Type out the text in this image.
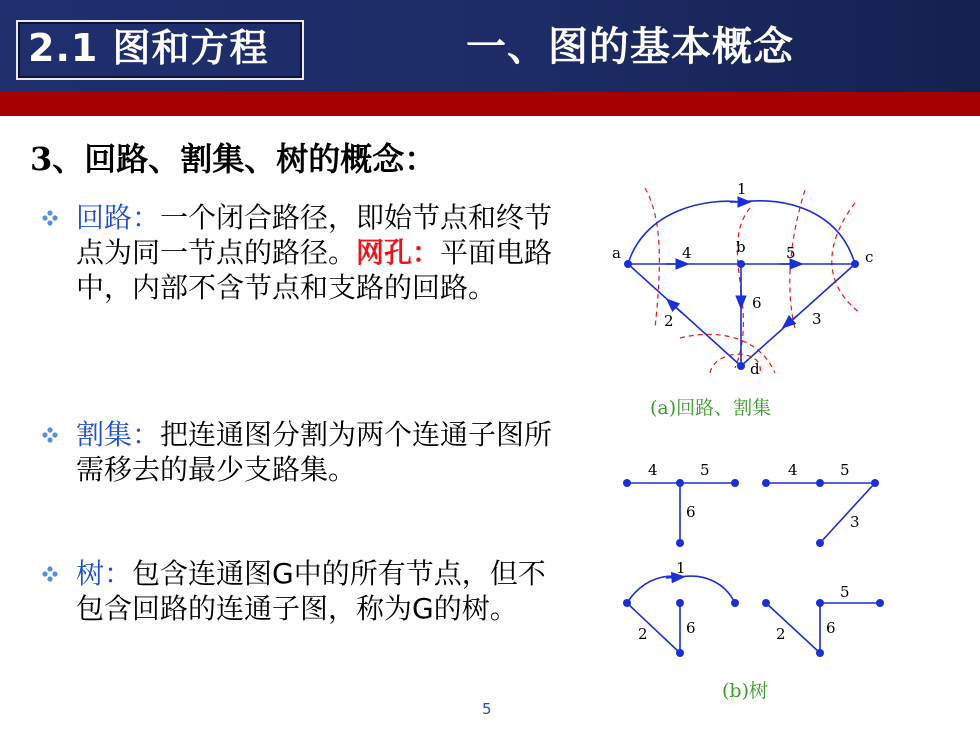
2.1 图和方程	一、图的基本概念
3、回路、割集、树的概念：
回路：一个闭合路径，即始节点和终节点为同一节点的路径。网孔：平面电路中，内部不含节点和支路的回路。
割集：把连通图分割为两个连通子图所需移去的最少支路集。
树：包含连通图G中的所有节点，但不包含回路的连通子图，称为G的树。
a	b
c
d
1
2	3
4	5
6
(a)回路、割集
4	5
6
4	5
3
1
2	6
5
2	6
(b)树
5
